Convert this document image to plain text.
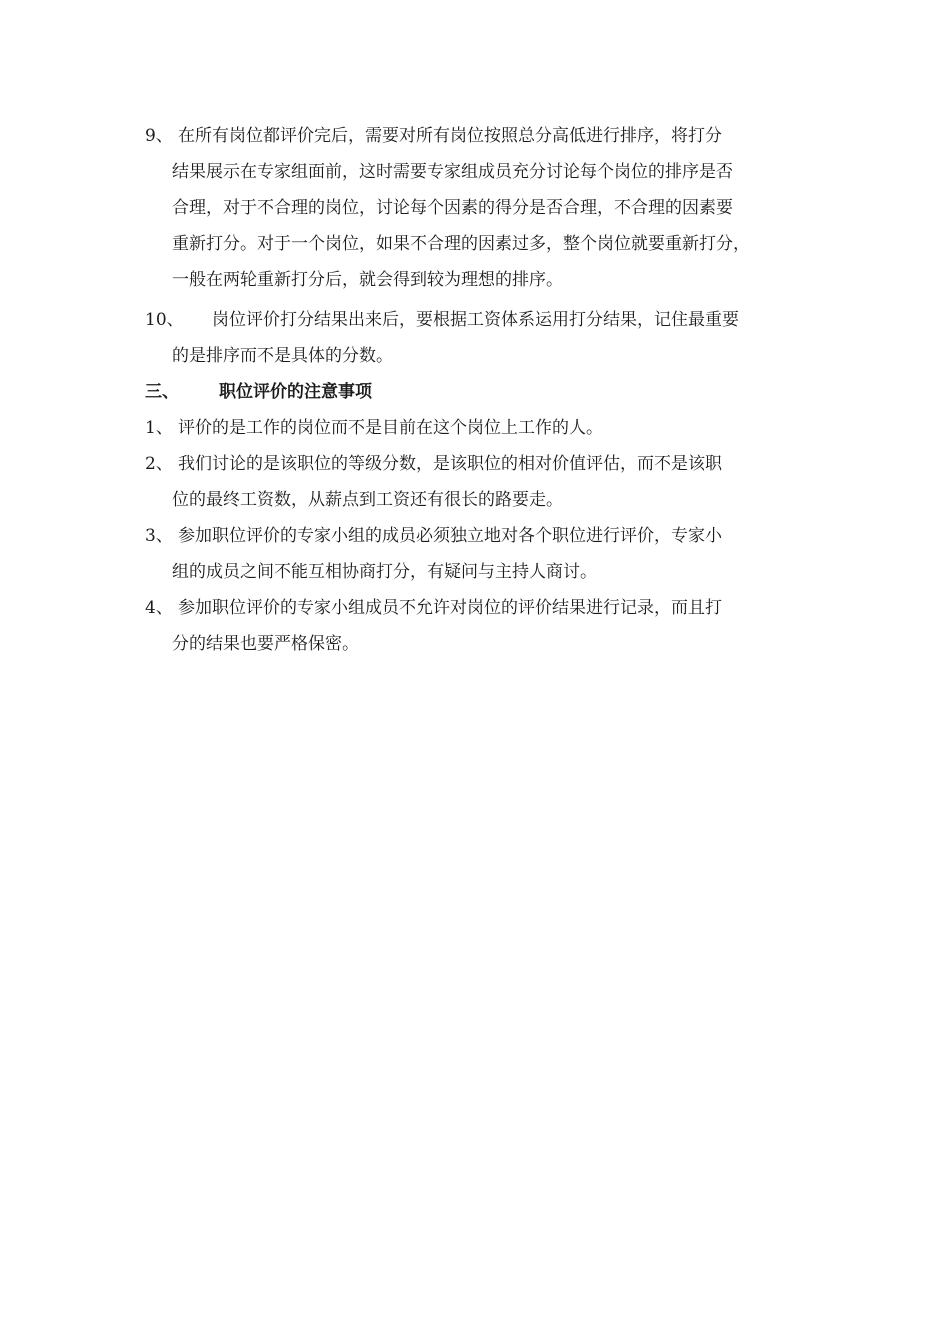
9、 在所有岗位都评价完后，需要对所有岗位按照总分高低进行排序，将打分
结果展示在专家组面前，这时需要专家组成员充分讨论每个岗位的排序是否
合理，对于不合理的岗位，讨论每个因素的得分是否合理，不合理的因素要
重新打分。对于一个岗位，如果不合理的因素过多，整个岗位就要重新打分，
一般在两轮重新打分后，就会得到较为理想的排序。
10、 岗位评价打分结果出来后，要根据工资体系运用打分结果，记住最重要
的是排序而不是具体的分数。
三、 职位评价的注意事项
1、 评价的是工作的岗位而不是目前在这个岗位上工作的人。
2、 我们讨论的是该职位的等级分数，是该职位的相对价值评估，而不是该职
位的最终工资数，从薪点到工资还有很长的路要走。
3、 参加职位评价的专家小组的成员必须独立地对各个职位进行评价，专家小
组的成员之间不能互相协商打分，有疑问与主持人商讨。
4、 参加职位评价的专家小组成员不允许对岗位的评价结果进行记录，而且打
分的结果也要严格保密。
